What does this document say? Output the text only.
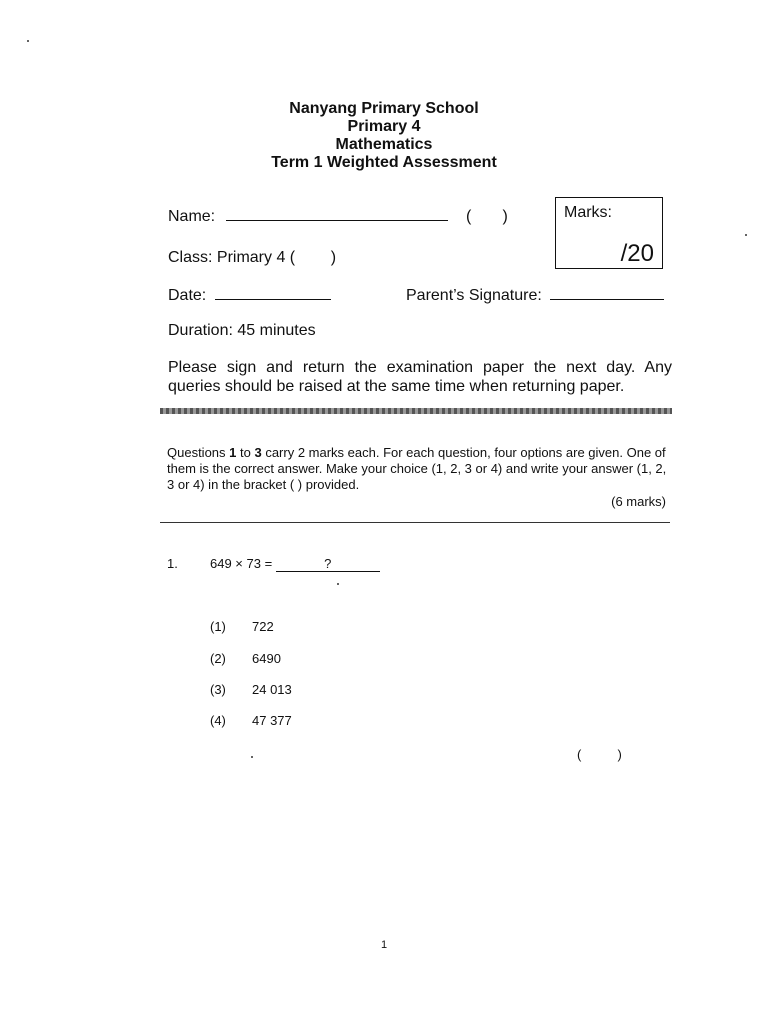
Nanyang Primary School
Primary 4
Mathematics
Term 1 Weighted Assessment
Name:	(       )	Marks:
/20
Class: Primary 4 (        )
Date:	Parent’s Signature:
Duration: 45 minutes
Please sign and return the examination paper the next day. Any queries should be raised at the same time when returning paper.
Questions 1 to 3 carry 2 marks each. For each question, four options are given. One of them is the correct answer. Make your choice (1, 2, 3 or 4) and write your answer (1, 2, 3 or 4) in the bracket ( ) provided.
(6 marks)
1. 649 × 73 =	?
(1) 722
(2) 6490
(3) 24 013
(4) 47 377
(          )
1
